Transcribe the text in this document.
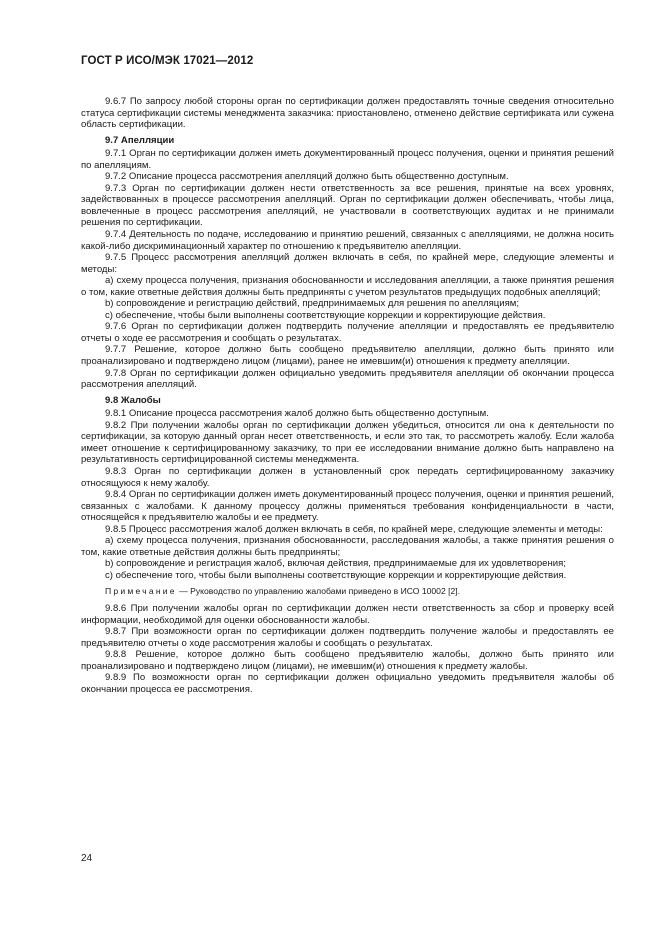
ГОСТ Р ИСО/МЭК 17021—2012

9.6.7 По запросу любой стороны орган по сертификации должен предоставлять точные сведения относительно статуса сертификации системы менеджмента заказчика: приостановлено, отменено действие сертификата или сужена область сертификации.

9.7 Апелляции

9.7.1 Орган по сертификации должен иметь документированный процесс получения, оценки и принятия решений по апелляциям.

9.7.2 Описание процесса рассмотрения апелляций должно быть общественно доступным.

9.7.3 Орган по сертификации должен нести ответственность за все решения, принятые на всех уровнях, задействованных в процессе рассмотрения апелляций. Орган по сертификации должен обеспечивать, чтобы лица, вовлеченные в процесс рассмотрения апелляций, не участвовали в соответствующих аудитах и не принимали решения по сертификации.

9.7.4 Деятельность по подаче, исследованию и принятию решений, связанных с апелляциями, не должна носить какой-либо дискриминационный характер по отношению к предъявителю апелляции.

9.7.5 Процесс рассмотрения апелляций должен включать в себя, по крайней мере, следующие элементы и методы:

а) схему процесса получения, признания обоснованности и исследования апелляции, а также принятия решения о том, какие ответные действия должны быть предприняты с учетом результатов предыдущих подобных апелляций;

b) сопровождение и регистрацию действий, предпринимаемых для решения по апелляциям;

с) обеспечение, чтобы были выполнены соответствующие коррекции и корректирующие действия.

9.7.6 Орган по сертификации должен подтвердить получение апелляции и предоставлять ее предъявителю отчеты о ходе ее рассмотрения и сообщать о результатах.

9.7.7 Решение, которое должно быть сообщено предъявителю апелляции, должно быть принято или проанализировано и подтверждено лицом (лицами), ранее не имевшим(и) отношения к предмету апелляции.

9.7.8 Орган по сертификации должен официально уведомить предъявителя апелляции об окончании процесса рассмотрения апелляций.

9.8 Жалобы

9.8.1 Описание процесса рассмотрения жалоб должно быть общественно доступным.

9.8.2 При получении жалобы орган по сертификации должен убедиться, относится ли она к деятельности по сертификации, за которую данный орган несет ответственность, и если это так, то рассмотреть жалобу. Если жалоба имеет отношение к сертифицированному заказчику, то при ее исследовании внимание должно быть направлено на результативность сертифицированной системы менеджмента.

9.8.3 Орган по сертификации должен в установленный срок передать сертифицированному заказчику относящуюся к нему жалобу.

9.8.4 Орган по сертификации должен иметь документированный процесс получения, оценки и принятия решений, связанных с жалобами. К данному процессу должны применяться требования конфиденциальности в части, относящейся к предъявителю жалобы и ее предмету.

9.8.5 Процесс рассмотрения жалоб должен включать в себя, по крайней мере, следующие элементы и методы:

а) схему процесса получения, признания обоснованности, расследования жалобы, а также принятия решения о том, какие ответные действия должны быть предприняты;

b) сопровождение и регистрация жалоб, включая действия, предпринимаемые для их удовлетворения;

с) обеспечение того, чтобы были выполнены соответствующие коррекции и корректирующие действия.

Примечание — Руководство по управлению жалобами приведено в ИСО 10002 [2].

9.8.6 При получении жалобы орган по сертификации должен нести ответственность за сбор и проверку всей информации, необходимой для оценки обоснованности жалобы.

9.8.7 При возможности орган по сертификации должен подтвердить получение жалобы и предоставлять ее предъявителю отчеты о ходе рассмотрения жалобы и сообщать о результатах.

9.8.8 Решение, которое должно быть сообщено предъявителю жалобы, должно быть принято или проанализировано и подтверждено лицом (лицами), не имевшим(и) отношения к предмету жалобы.

9.8.9 По возможности орган по сертификации должен официально уведомить предъявителя жалобы об окончании процесса ее рассмотрения.

24
